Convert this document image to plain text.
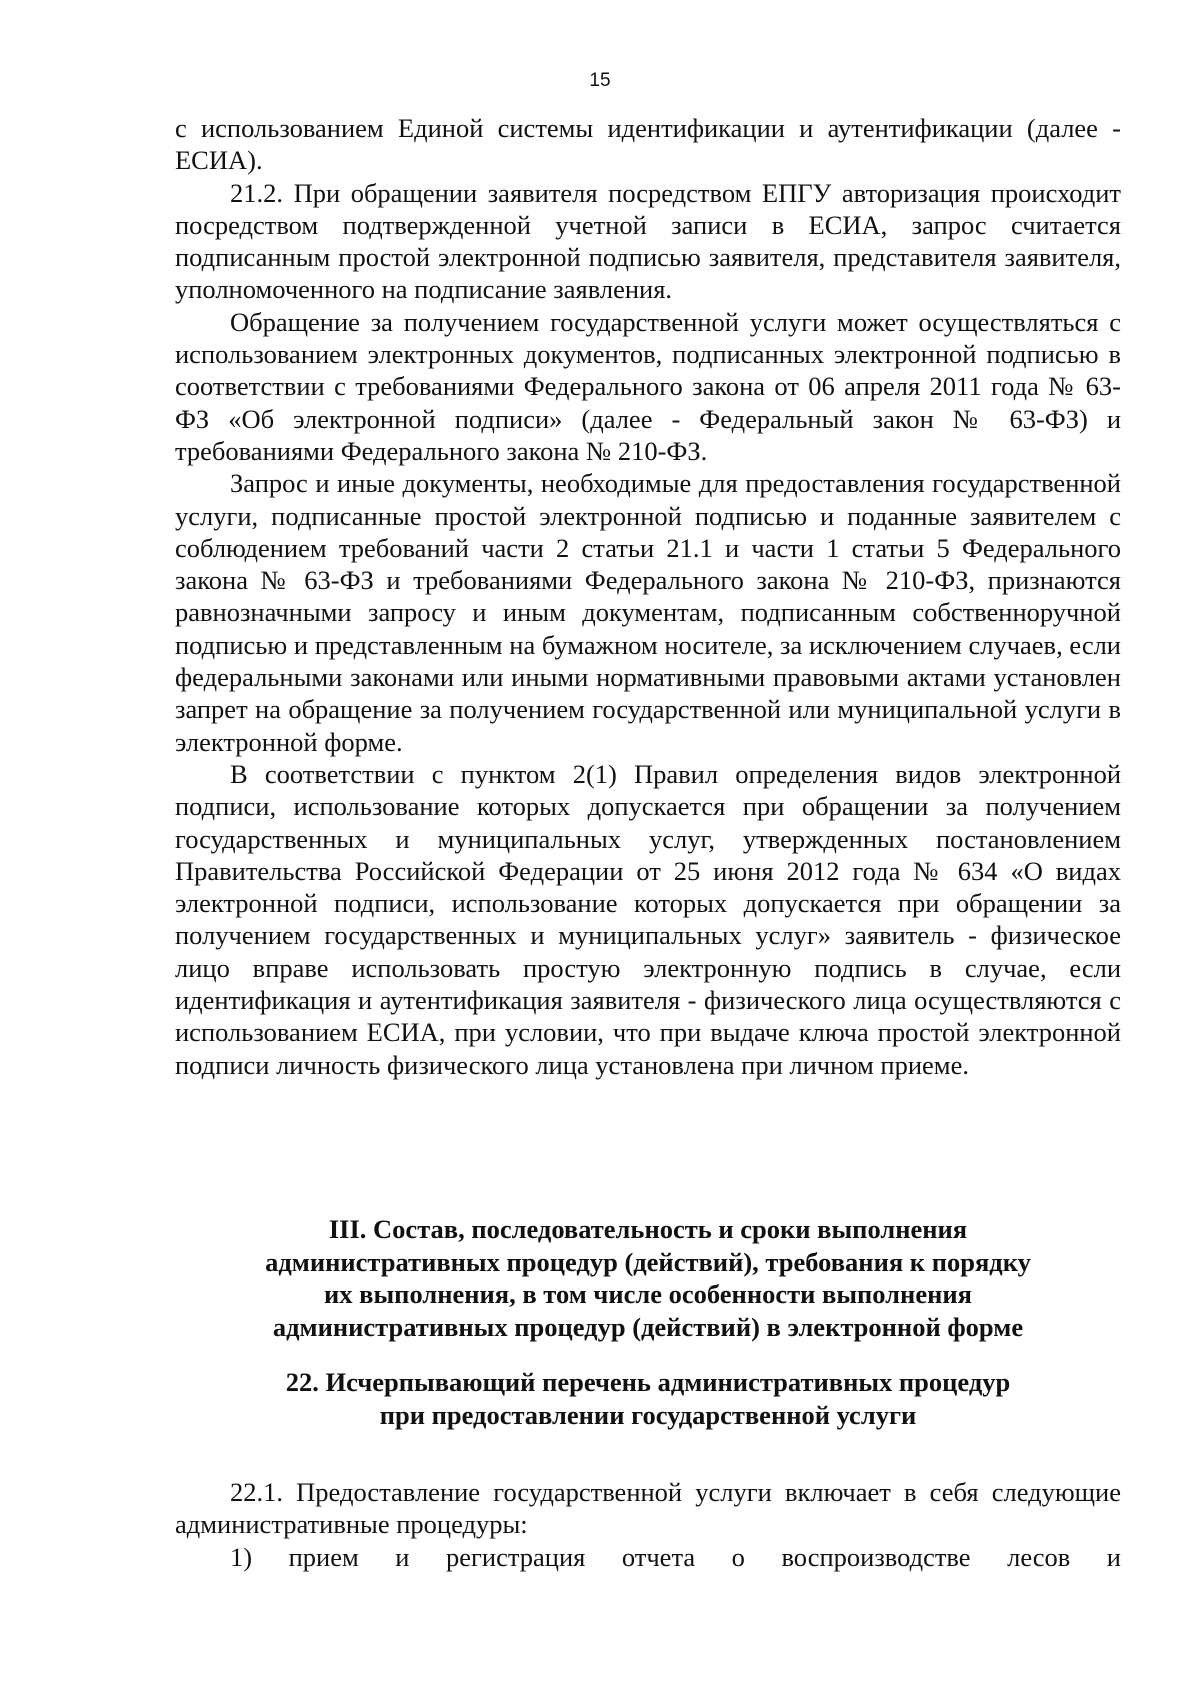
15

с использованием Единой системы идентификации и аутентификации (далее - ЕСИА).

21.2. При обращении заявителя посредством ЕПГУ авторизация происходит посредством подтвержденной учетной записи в ЕСИА, запрос считается подписанным простой электронной подписью заявителя, представителя заявителя, уполномоченного на подписание заявления.

Обращение за получением государственной услуги может осуществляться с использованием электронных документов, подписанных электронной подписью в соответствии с требованиями Федерального закона от 06 апреля 2011 года № 63-ФЗ «Об электронной подписи» (далее - Федеральный закон № 63-ФЗ) и требованиями Федерального закона № 210-ФЗ.

Запрос и иные документы, необходимые для предоставления государственной услуги, подписанные простой электронной подписью и поданные заявителем с соблюдением требований части 2 статьи 21.1 и части 1 статьи 5 Федерального закона № 63-ФЗ и требованиями Федерального закона № 210-ФЗ, признаются равнозначными запросу и иным документам, подписанным собственноручной подписью и представленным на бумажном носителе, за исключением случаев, если федеральными законами или иными нормативными правовыми актами установлен запрет на обращение за получением государственной или муниципальной услуги в электронной форме.

В соответствии с пунктом 2(1) Правил определения видов электронной подписи, использование которых допускается при обращении за получением государственных и муниципальных услуг, утвержденных постановлением Правительства Российской Федерации от 25 июня 2012 года № 634 «О видах электронной подписи, использование которых допускается при обращении за получением государственных и муниципальных услуг» заявитель - физическое лицо вправе использовать простую электронную подпись в случае, если идентификация и аутентификация заявителя - физического лица осуществляются с использованием ЕСИА, при условии, что при выдаче ключа простой электронной подписи личность физического лица установлена при личном приеме.

III. Состав, последовательность и сроки выполнения
административных процедур (действий), требования к порядку
их выполнения, в том числе особенности выполнения
административных процедур (действий) в электронной форме
22. Исчерпывающий перечень административных процедур
при предоставлении государственной услуги

22.1. Предоставление государственной услуги включает в себя следующие административные процедуры:

1) прием и регистрация отчета о воспроизводстве лесов и
